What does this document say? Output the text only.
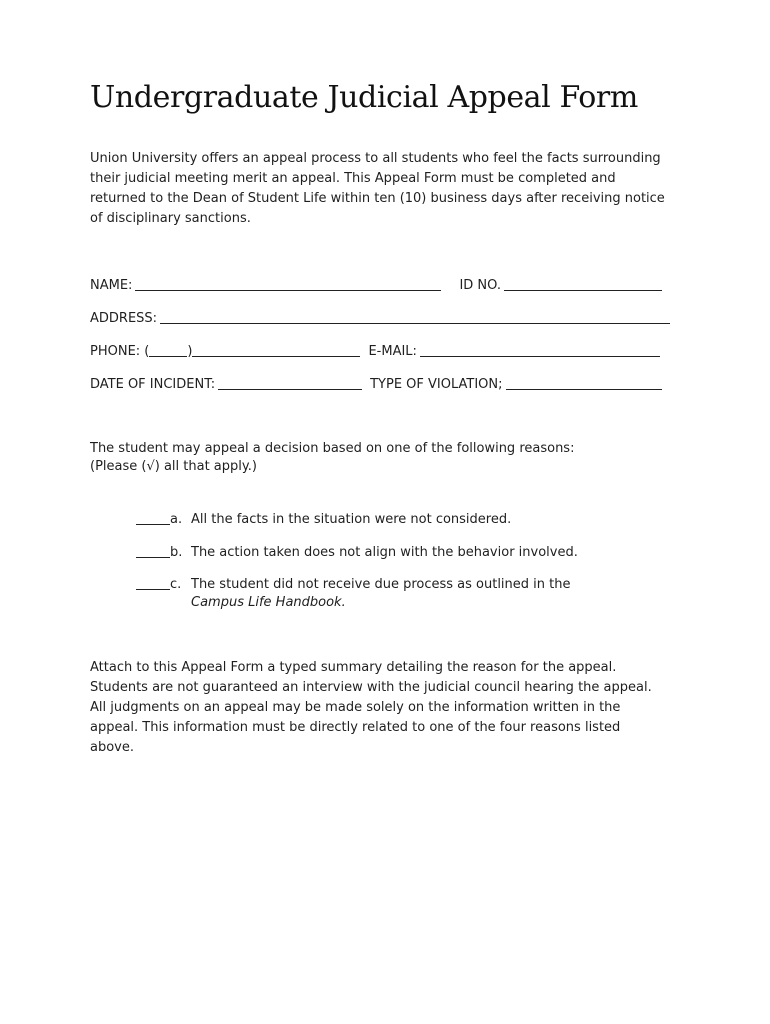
Undergraduate Judicial Appeal Form
Union University offers an appeal process to all students who feel the facts surrounding
their judicial meeting merit an appeal. This Appeal Form must be completed and
returned to the Dean of Student Life within ten (10) business days after receiving notice
of disciplinary sanctions.
NAME:	ID NO.
ADDRESS:
PHONE: (	)	E-MAIL:
DATE OF INCIDENT:	TYPE OF VIOLATION;
The student may appeal a decision based on one of the following reasons:
(Please (√) all that apply.)
a. All the facts in the situation were not considered.
b. The action taken does not align with the behavior involved.
c. The student did not receive due process as outlined in the
Campus Life Handbook.
Attach to this Appeal Form a typed summary detailing the reason for the appeal.
Students are not guaranteed an interview with the judicial council hearing the appeal.
All judgments on an appeal may be made solely on the information written in the
appeal. This information must be directly related to one of the four reasons listed
above.
